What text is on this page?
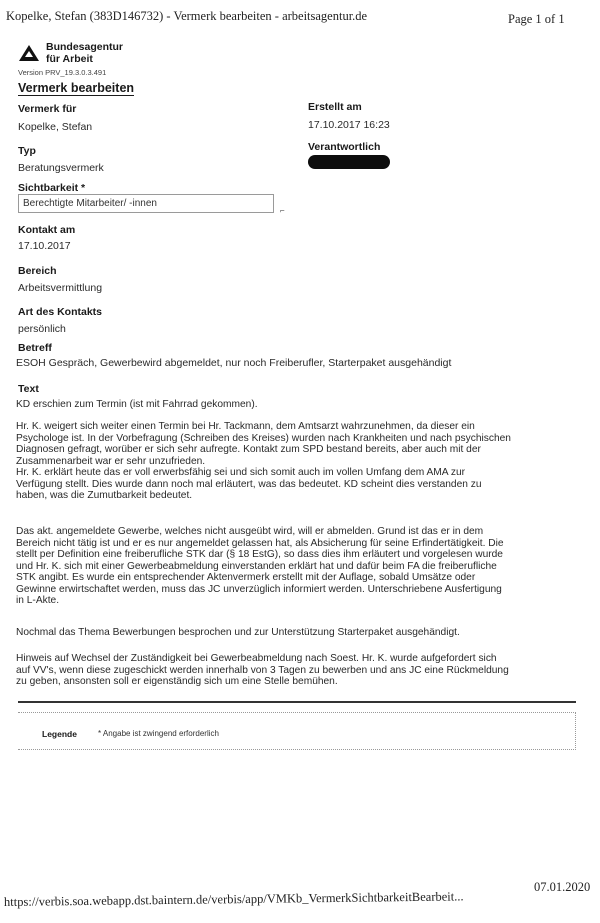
Kopelke, Stefan (383D146732) - Vermerk bearbeiten - arbeitsagentur.de	Page 1 of 1
Bundesagentur
für Arbeit
Version PRV_19.3.0.3.491
Vermerk bearbeiten
Vermerk für
Kopelke, Stefan
Erstellt am
17.10.2017 16:23
Typ
Beratungsvermerk
Verantwortlich
Sichtbarkeit *
Berechtigte Mitarbeiter/ -innen
⌐
Kontakt am
17.10.2017
Bereich
Arbeitsvermittlung
Art des Kontakts
persönlich
Betreff
ESOH Gespräch, Gewerbewird abgemeldet, nur noch Freiberufler, Starterpaket ausgehändigt
Text
KD erschien zum Termin (ist mit Fahrrad gekommen).
Hr. K. weigert sich weiter einen Termin bei Hr. Tackmann, dem Amtsarzt wahrzunehmen, da dieser ein
Psychologe ist. In der Vorbefragung (Schreiben des Kreises) wurden nach Krankheiten und nach psychischen
Diagnosen gefragt, worüber er sich sehr aufregte. Kontakt zum SPD bestand bereits, aber auch mit der
Zusammenarbeit war er sehr unzufrieden.
Hr. K. erklärt heute das er voll erwerbsfähig sei und sich somit auch im vollen Umfang dem AMA zur
Verfügung stellt. Dies wurde dann noch mal erläutert, was das bedeutet. KD scheint dies verstanden zu
haben, was die Zumutbarkeit bedeutet.
Das akt. angemeldete Gewerbe, welches nicht ausgeübt wird, will er abmelden. Grund ist das er in dem
Bereich nicht tätig ist und er es nur angemeldet gelassen hat, als Absicherung für seine Erfindertätigkeit. Die
stellt per Definition eine freiberufliche STK dar (§ 18 EstG), so dass dies ihm erläutert und vorgelesen wurde
und Hr. K. sich mit einer Gewerbeabmeldung einverstanden erklärt hat und dafür beim FA die freiberufliche
STK angibt. Es wurde ein entsprechender Aktenvermerk erstellt mit der Auflage, sobald Umsätze oder
Gewinne erwirtschaftet werden, muss das JC unverzüglich informiert werden. Unterschriebene Ausfertigung
in L-Akte.
Nochmal das Thema Bewerbungen besprochen und zur Unterstützung Starterpaket ausgehändigt.
Hinweis auf Wechsel der Zuständigkeit bei Gewerbeabmeldung nach Soest. Hr. K. wurde aufgefordert sich
auf VV's, wenn diese zugeschickt werden innerhalb von 3 Tagen zu bewerben und ans JC eine Rückmeldung
zu geben, ansonsten soll er eigenständig sich um eine Stelle bemühen.
Legende	* Angabe ist zwingend erforderlich
https://verbis.soa.webapp.dst.baintern.de/verbis/app/VMKb_VermerkSichtbarkeitBearbeit...
07.01.2020
